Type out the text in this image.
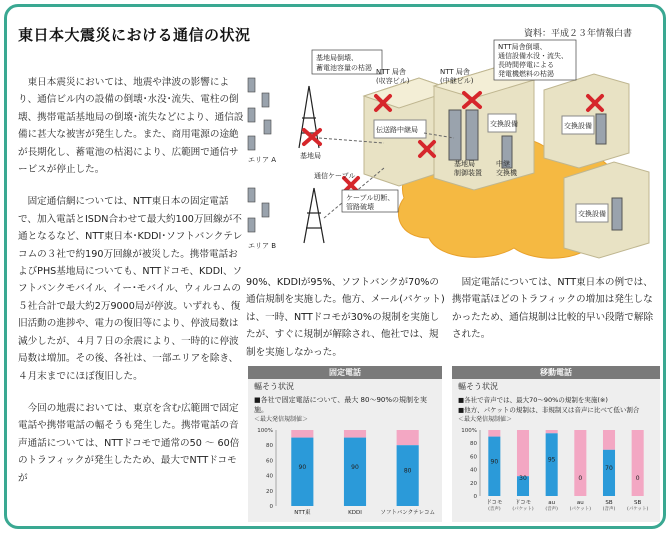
東日本大震災における通信の状況	資料：平成２３年情報白書

東日本震災においては、地震や津波の影響により、通信ビル内の設備の倒壊･水没･流失、電柱の倒壊、携帯電話基地局の倒壊･流失などにより、通信設備に甚大な被害が発生した。また、商用電源の途絶が長期化し、蓄電池の枯渇により、広範囲で通信サービスが停止した。

固定通信網については、NTT東日本の固定電話で、加入電話とISDN合わせて最大約100万回線が不通となるなど、NTT東日本･KDDI･ソフトバンクテレコムの３社で約190万回線が被災した。携帯電話およびPHS基地局についても、NTTドコモ、KDDI、ソフトバンクモバイル、イー･モバイル、ウィルコムの５社合計で最大約2万9000局が停波。いずれも、復旧活動の進捗や、電力の復旧等により、停波局数は減少したが、４月７日の余震により、一時的に停波局数は増加。その後、各社は、一部エリアを除き、４月末までにほぼ復旧した。

今回の地震においては、東京を含む広範囲で固定電話や携帯電話の輻そうも発生した。携帯電話の音声通話については、NTTドコモで通常の50 ～ 60倍のトラフィックが発生したため、最大でNTTドコモが

90%、KDDIが95%、ソフトバンクが70%の通信規制を実施した。他方、メール(パケット)は、一時、NTTドコモが30%の規制を実施したが、すぐに規制が解除され、他社では、規制を実施しなかった。
固定電話については、NTT東日本の例では、携帯電話ほどのトラフィックの増加は発生しなかったため、通信規制は比較的早い段階で解除された。
基地局倒壊、
蓄電池容量の枯渇
NTT局舎倒壊、
通信設備水没・流失、
長時間停電による
発電機燃料の枯渇
ケーブル切断、
管路破壊
エリア A
エリア B
基地局
通信ケーブル
NTT 局舎
(収容ビル)
NTT 局舎
(中継ビル)
伝送路中継局
交換設備	交換設備
交換設備
基地局
制御装置
中継
交換機
固定電話
輻そう状況
■各社で固定電話について、最大 80～90%の規制を実施。
＜最大発信規制値＞
100%
80
60
40
20
0
90
NTT東
90
KDDI
80
ソフトバンクテレコム
移動電話
輻そう状況
■各社で音声では、最大70～90%の規制を実施(※)
■他方、パケットの規制は、非規制又は音声に比べて低い割合
＜最大発信規制値＞
100%
80
60
40
20
0
90
ドコモ
(音声)
30
ドコモ
(パケット)
95
au
(音声)
0
au
(パケット)
70
SB
(音声)
0
SB
(パケット)
